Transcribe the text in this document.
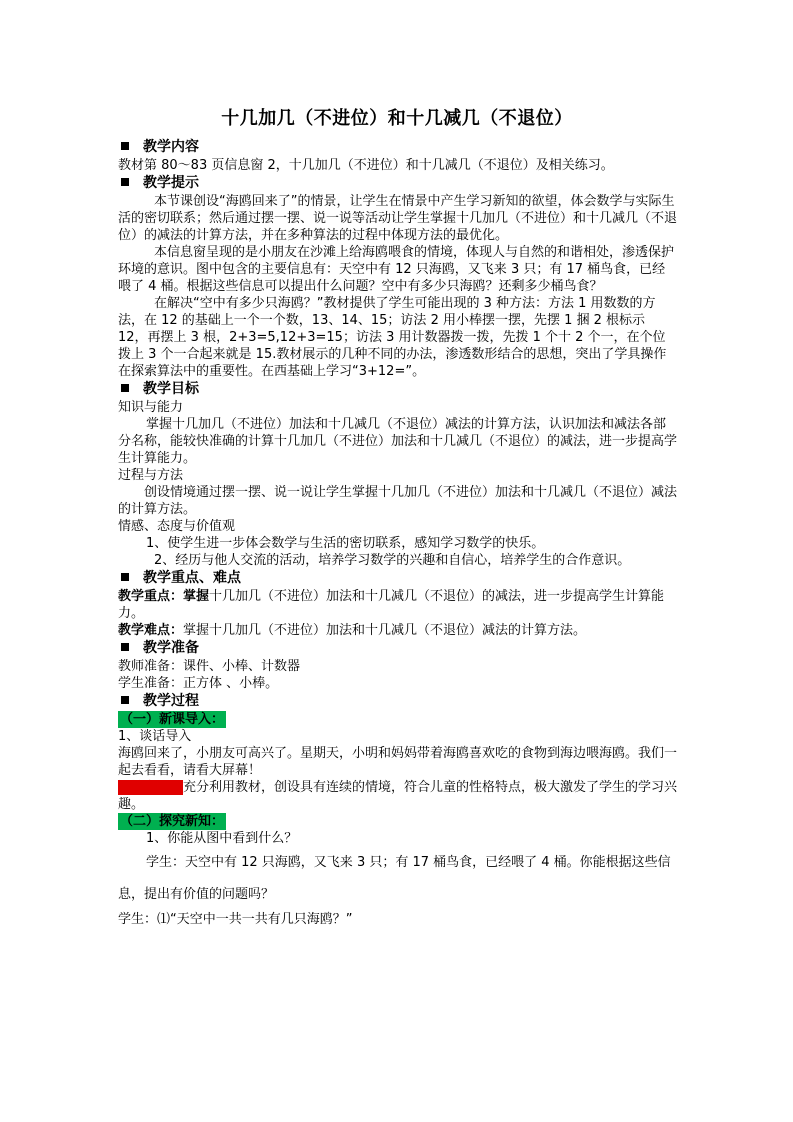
十几加几（不进位）和十几减几（不退位）

教学内容

教材第 80～83 页信息窗 2，十几加几（不进位）和十几减几（不退位）及相关练习。

教学提示

本节课创设“海鸥回来了”的情景，让学生在情景中产生学习新知的欲望，体会数学与实际生活的密切联系；然后通过摆一摆、说一说等活动让学生掌握十几加几（不进位）和十几减几（不退位）的减法的计算方法，并在多种算法的过程中体现方法的最优化。

本信息窗呈现的是小朋友在沙滩上给海鸥喂食的情境，体现人与自然的和谐相处，渗透保护环境的意识。图中包含的主要信息有：天空中有 12 只海鸥，又飞来 3 只；有 17 桶鸟食，已经喂了 4 桶。根据这些信息可以提出什么问题？空中有多少只海鸥？还剩多少桶鸟食？

在解决“空中有多少只海鸥？”教材提供了学生可能出现的 3 种方法：方法 1 用数数的方法，在 12 的基础上一个一个数，13、14、15；访法 2 用小棒摆一摆，先摆 1 捆 2 根标示 12，再摆上 3 根，2+3=5,12+3=15；访法 3 用计数器拨一拨，先拨 1 个十 2 个一，在个位拨上 3 个一合起来就是 15.教材展示的几种不同的办法，渗透数形结合的思想，突出了学具操作在探索算法中的重要性。在西基础上学习“3+12=”。

教学目标

知识与能力

掌握十几加几（不进位）加法和十几减几（不退位）减法的计算方法，认识加法和减法各部分名称，能较快准确的计算十几加几（不进位）加法和十几减几（不退位）的减法，进一步提高学生计算能力。

过程与方法

创设情境通过摆一摆、说一说让学生掌握十几加几（不进位）加法和十几减几（不退位）减法的计算方法。

情感、态度与价值观

1、使学生进一步体会数学与生活的密切联系，感知学习数学的快乐。

2、经历与他人交流的活动，培养学习数学的兴趣和自信心，培养学生的合作意识。

教学重点、难点

教学重点：掌握十几加几（不进位）加法和十几减几（不退位）的减法，进一步提高学生计算能力。

教学难点：掌握十几加几（不进位）加法和十几减几（不退位）减法的计算方法。

教学准备

教师准备：课件、小棒、计数器

学生准备：正方体 、小棒。

教学过程

（一）新课导入：

1、谈话导入

海鸥回来了，小朋友可高兴了。星期天，小明和妈妈带着海鸥喜欢吃的食物到海边喂海鸥。我们一起去看看，请看大屏幕！

设计意图：充分利用教材，创设具有连续的情境，符合儿童的性格特点，极大激发了学生的学习兴趣。

（二）探究新知：

1、你能从图中看到什么？

学生：天空中有 12 只海鸥，又飞来 3 只；有 17 桶鸟食，已经喂了 4 桶。你能根据这些信息，提出有价值的问题吗？

学生：⑴“天空中一共一共有几只海鸥？”
